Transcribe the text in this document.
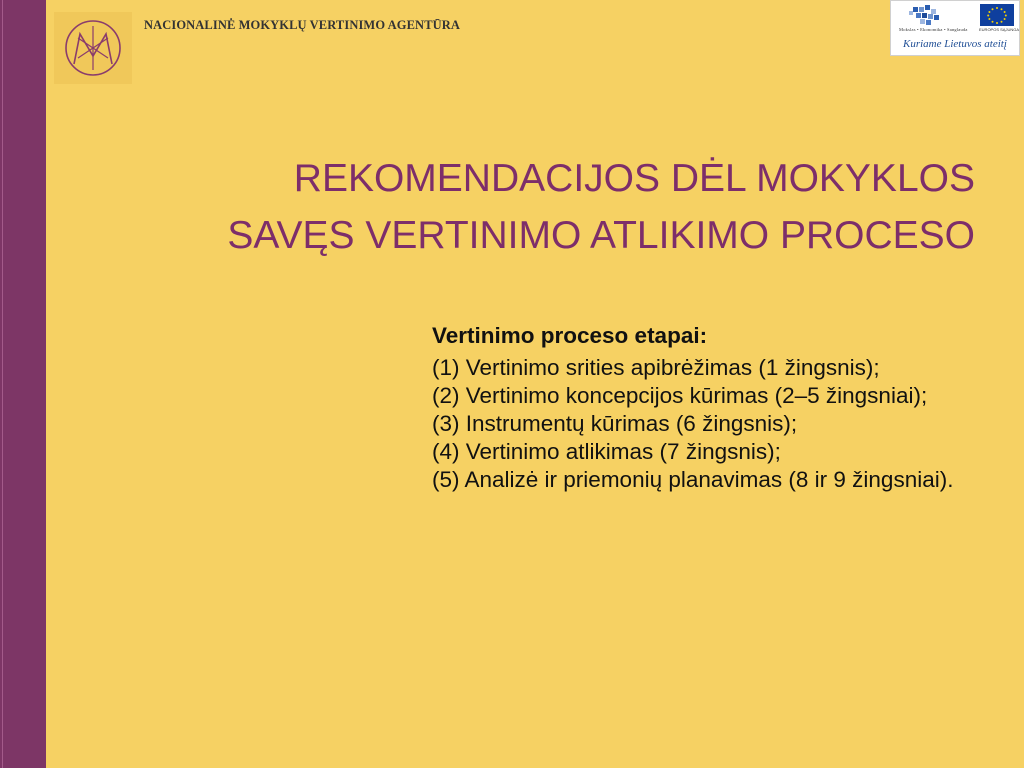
NACIONALINĖ MOKYKLŲ VERTINIMO AGENTŪRA	Mokslas • Ekonomika • Sanglauda	EUROPOS SĄJUNGA
Kuriame Lietuvos ateitį
REKOMENDACIJOS DĖL MOKYKLOS
SAVĘS VERTINIMO ATLIKIMO PROCESO

Vertinimo proceso etapai:

(1) Vertinimo srities apibrėžimas (1 žingsnis);

(2) Vertinimo koncepcijos kūrimas (2–5 žingsniai);

(3) Instrumentų kūrimas (6 žingsnis);

(4) Vertinimo atlikimas (7 žingsnis);

(5) Analizė ir priemonių planavimas (8 ir 9 žingsniai).
